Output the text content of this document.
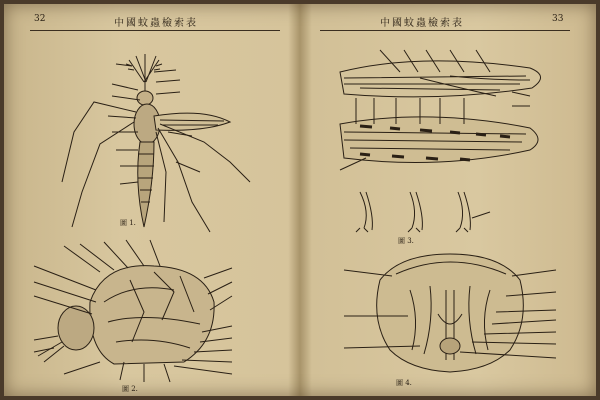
32	中國蚊蟲檢索表
圖 1.
圖 2.
中國蚊蟲檢索表	33
圖 3.
圖 4.
